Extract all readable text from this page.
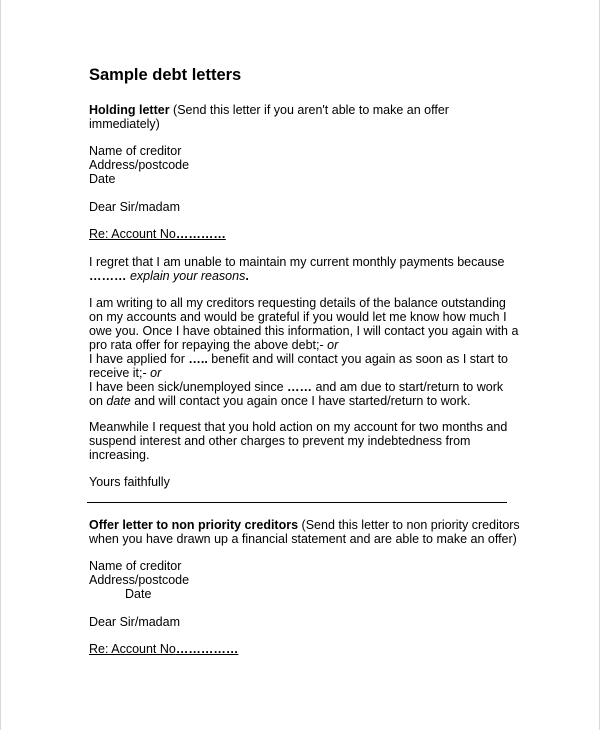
Sample debt letters
Holding letter (Send this letter if you aren't able to make an offer
immediately)
Name of creditor
Address/postcode
Date
Dear Sir/madam
Re: Account No…………
I regret that I am unable to maintain my current monthly payments because
……… explain your reasons.
I am writing to all my creditors requesting details of the balance outstanding
on my accounts and would be grateful if you would let me know how much I
owe you. Once I have obtained this information, I will contact you again with a
pro rata offer for repaying the above debt;- or
I have applied for ….. benefit and will contact you again as soon as I start to
receive it;- or
I have been sick/unemployed since …… and am due to start/return to work
on date and will contact you again once I have started/return to work.
Meanwhile I request that you hold action on my account for two months and
suspend interest and other charges to prevent my indebtedness from
increasing.
Yours faithfully
Offer letter to non priority creditors (Send this letter to non priority creditors
when you have drawn up a financial statement and are able to make an offer)
Name of creditor
Address/postcode
Date
Dear Sir/madam
Re: Account No……………
